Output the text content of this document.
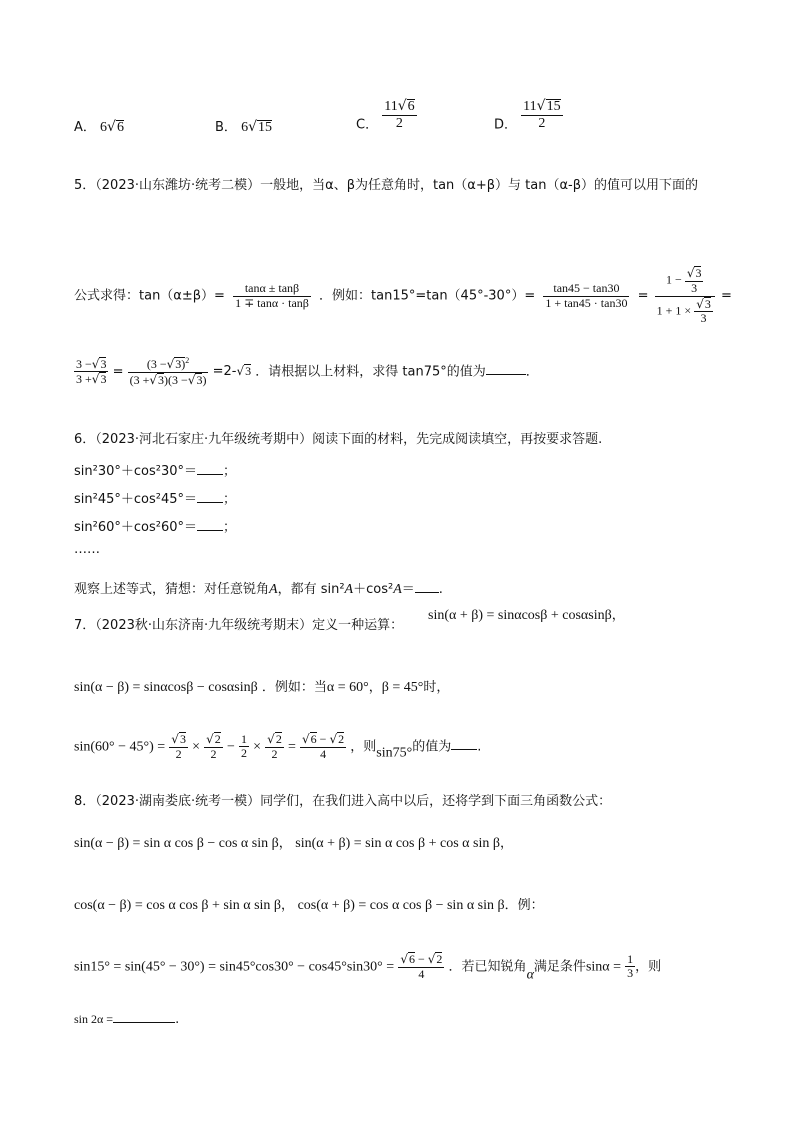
A． 6√6	B． 6√15	C． $\frac{11√6}{2}$	D． $\frac{11√15}{2}$
5．（2023·山东潍坊·统考二模）一般地，当α、β为任意角时，tan（α+β）与 tan（α-β）的值可以用下面的
公式求得：$\tan(\alpha\pm\beta)= \frac{\tan\alpha \pm \tan\beta}{1 \mp \tan\alpha \cdot \tan\beta}$ ．例如：$\tan 15^\circ=\tan(45^\circ-30^\circ)= \frac{\tan 45 - \tan 30}{1 + \tan 45 \cdot \tan 30} = \frac{1 - \frac{√3}{3}}{1 + 1 \times \frac{√3}{3}}$ =
$\frac{3 -√3}{3 +√3} = \frac{(3 -√3)^2}{(3 +√3)(3 -√3)} =2-√3$ ．请根据以上材料，求得 tan75°的值为	．
6．（2023·河北石家庄·九年级统考期中）阅读下面的材料，先完成阅读填空，再按要求答题.
sin²30°＋cos²30°＝ ；
sin²45°＋cos²45°＝ ；
sin²60°＋cos²60°＝ ；
……
观察上述等式，猜想：对任意锐角A，都有 sin²A＋cos²A＝ .
7．（2023秋·山东济南·九年级统考期末）定义一种运算：
sin(α + β) = sinαcosβ + cosαsinβ，
sin(α − β) = sinαcosβ − cosαsinβ ．例如：当α = 60°，β = 45°时，
$\sin(60^\circ - 45^\circ) = \frac{√3}{2} \times \frac{√2}{2} - \frac{1}{2} \times \frac{√2}{2} = \frac{√6 - √2}{4}$ ，则sin75°的值为 .
8．（2023·湖南娄底·统考一模）同学们，在我们进入高中以后，还将学到下面三角函数公式：
sin(α − β) = sin α cos β − cos α sin β， sin(α + β) = sin α cos β + cos α sin β，
cos(α − β) = cos α cos β + sin α sin β， cos(α + β) = cos α cos β − sin α sin β．例：
$\sin 15^\circ = \sin(45^\circ - 30^\circ) = \sin 45^\circ\cos 30^\circ - \cos 45^\circ\sin 30^\circ = \frac{√6 - √2}{4}$ ．若已知锐角α满足条件$\sin\alpha = \frac{1}{3}$ ，则
sin 2α =	.
